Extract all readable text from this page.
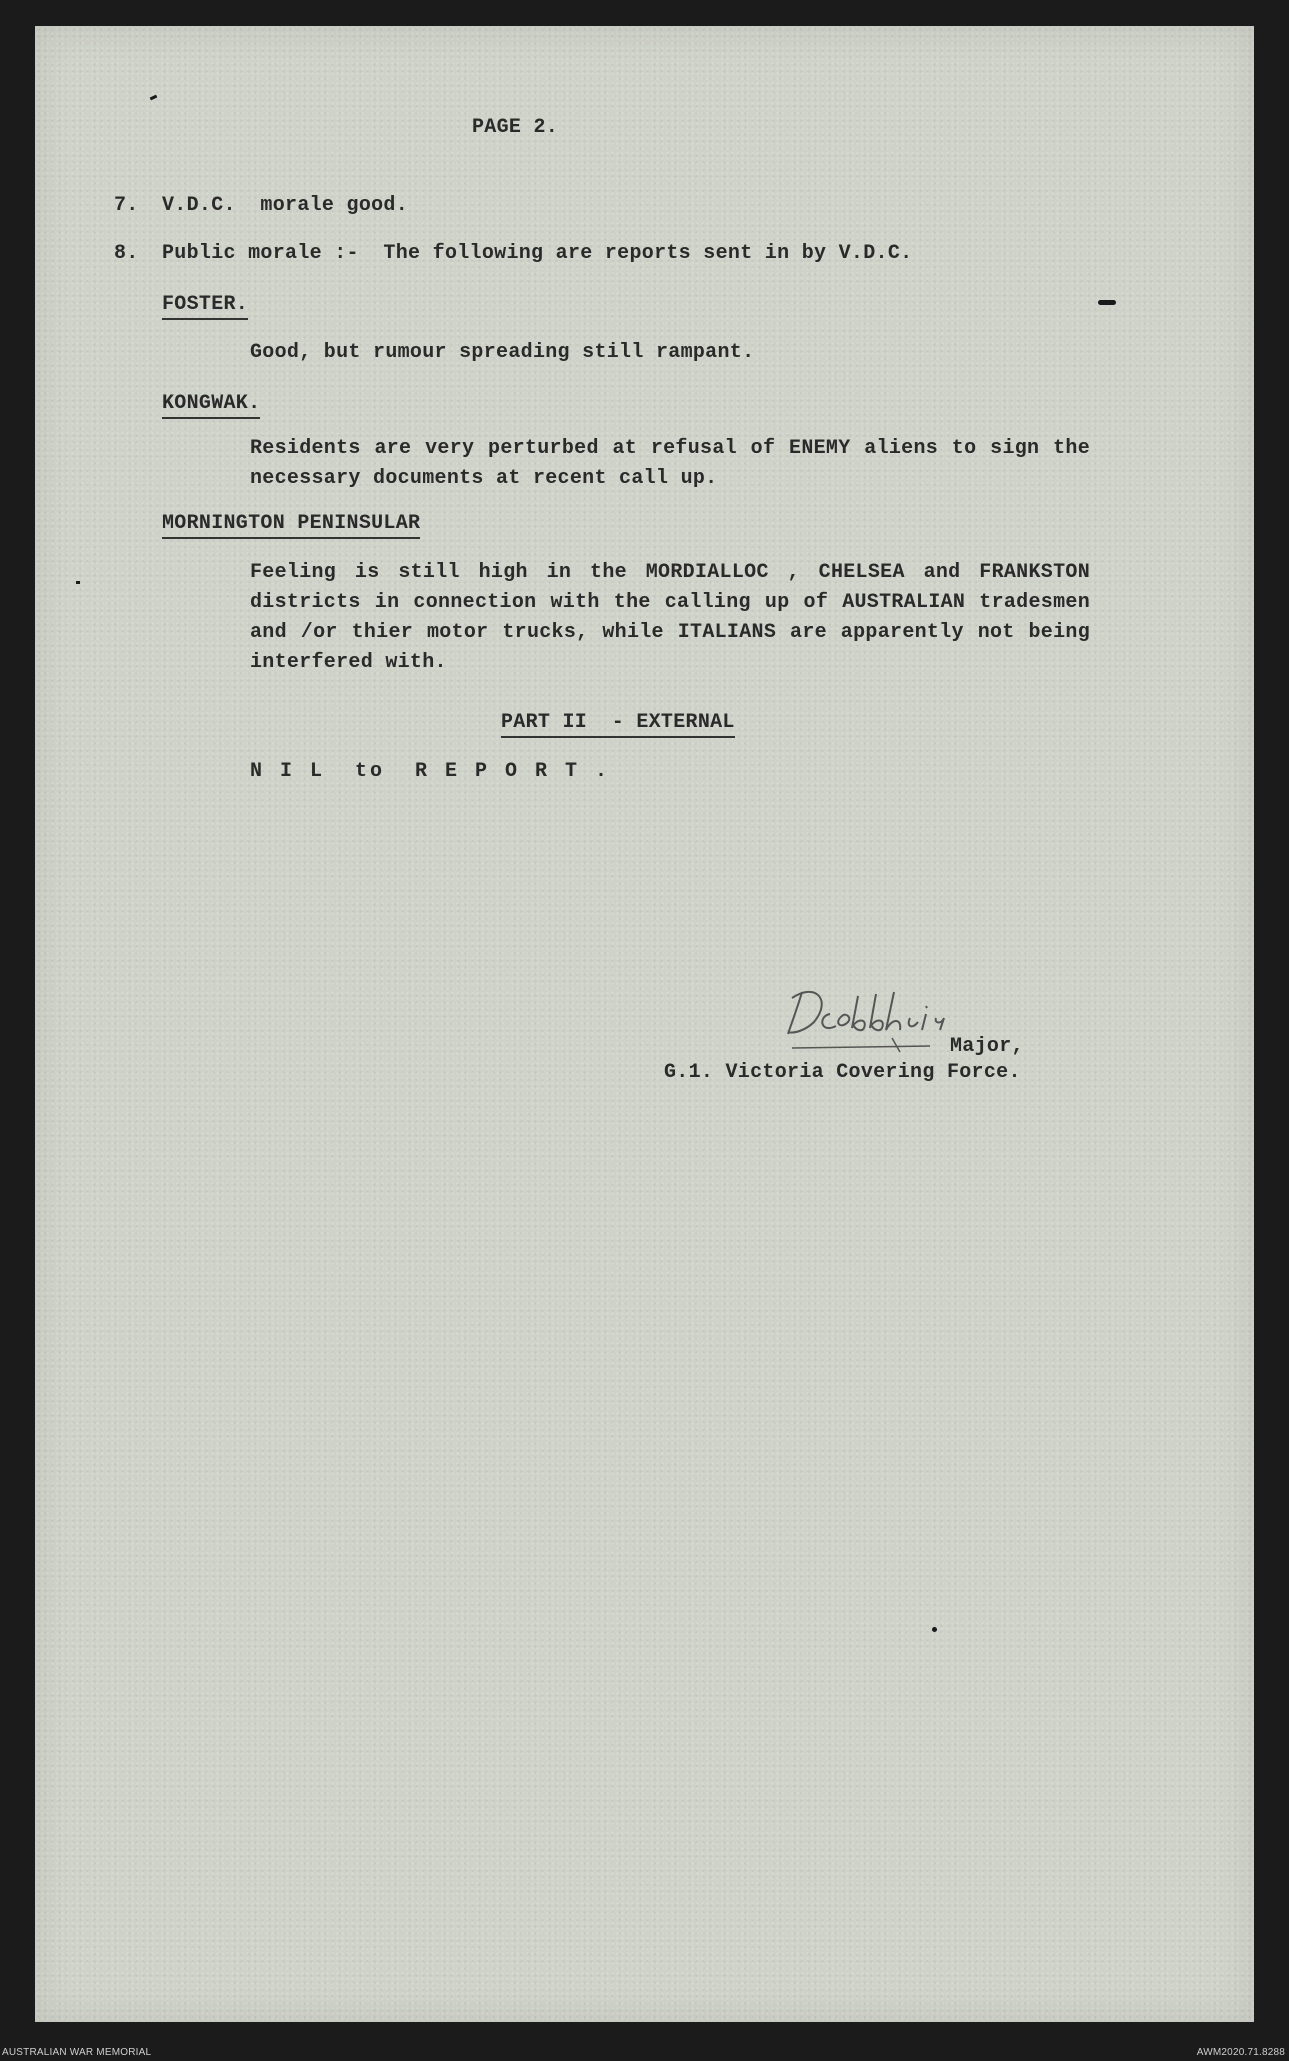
PAGE 2.
7. V.D.C.  morale good.
8. Public morale :-  The following are reports sent in by V.D.C.
FOSTER.
Good, but rumour spreading still rampant.
KONGWAK.
Residents are very perturbed at refusal of ENEMY aliens to sign the necessary documents at recent call up.
MORNINGTON PENINSULAR
Feeling is still high in the MORDIALLOC , CHELSEA and FRANKSTON districts in connection with the calling up of AUSTRALIAN tradesmen and /or thier motor trucks, while ITALIANS are apparently not being interfered with.
PART II  - EXTERNAL
N I L  to  R E P O R T .
Major,
G.1. Victoria Covering Force.
AUSTRALIAN WAR MEMORIAL	AWM2020.71.8288
